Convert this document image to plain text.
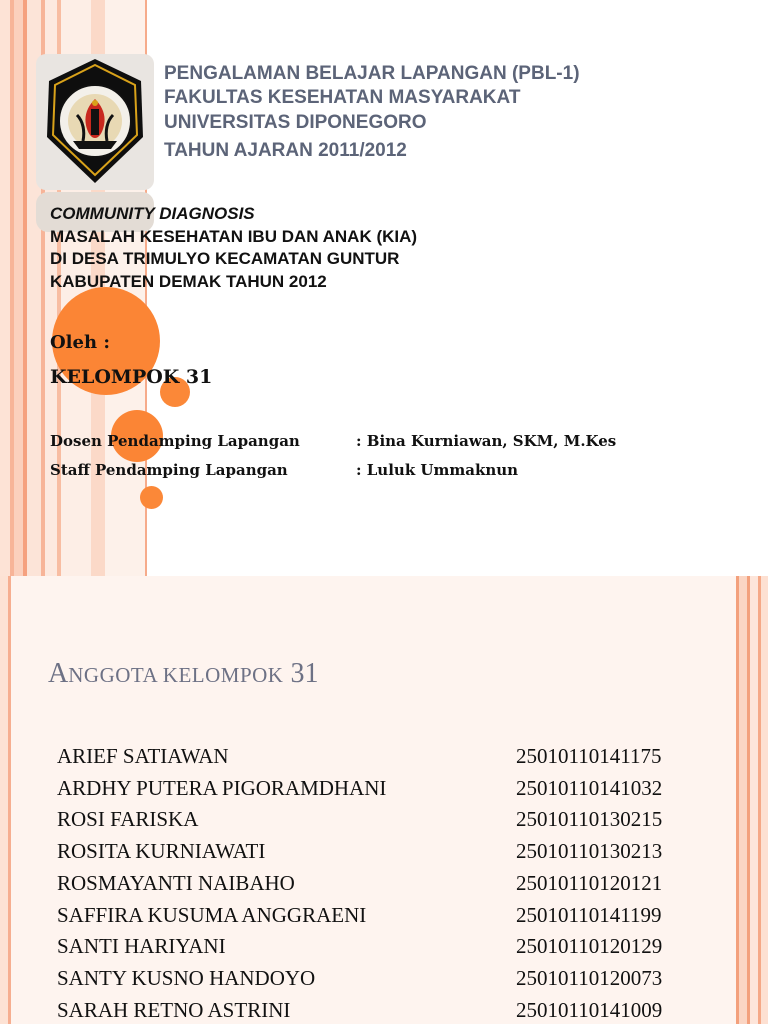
PENGALAMAN BELAJAR LAPANGAN (PBL-1)
FAKULTAS KESEHATAN MASYARAKAT
UNIVERSITAS DIPONEGORO
TAHUN AJARAN 2011/2012
COMMUNITY DIAGNOSIS
MASALAH KESEHATAN IBU DAN ANAK (KIA)
DI DESA TRIMULYO KECAMATAN GUNTUR
KABUPATEN DEMAK TAHUN 2012
Oleh :
KELOMPOK 31
Dosen Pendamping Lapangan	: Bina Kurniawan, SKM, M.Kes
Staff Pendamping Lapangan	: Luluk Ummaknun
ANGGOTA KELOMPOK 31
ARIEF SATIAWAN	25010110141175
ARDHY PUTERA PIGORAMDHANI	25010110141032
ROSI FARISKA	25010110130215
ROSITA KURNIAWATI	25010110130213
ROSMAYANTI NAIBAHO	25010110120121
SAFFIRA KUSUMA ANGGRAENI	25010110141199
SANTI HARIYANI	25010110120129
SANTY KUSNO HANDOYO	25010110120073
SARAH RETNO ASTRINI	25010110141009
